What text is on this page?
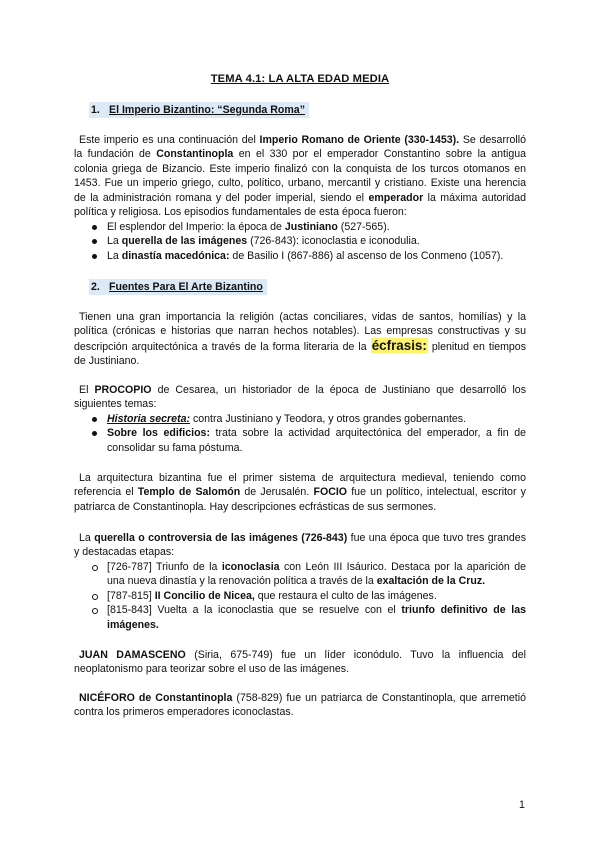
TEMA 4.1: LA ALTA EDAD MEDIA
1. El Imperio Bizantino: “Segunda Roma”
Este imperio es una continuación del Imperio Romano de Oriente (330-1453). Se desarrolló la fundación de Constantinopla en el 330 por el emperador Constantino sobre la antigua colonia griega de Bizancio. Este imperio finalizó con la conquista de los turcos otomanos en 1453. Fue un imperio griego, culto, político, urbano, mercantil y cristiano. Existe una herencia de la administración romana y del poder imperial, siendo el emperador la máxima autoridad política y religiosa. Los episodios fundamentales de esta época fueron:
El esplendor del Imperio: la época de Justiniano (527-565).
La querella de las imágenes (726-843): iconoclastia e iconodulia.
La dinastía macedónica: de Basilio I (867-886) al ascenso de los Conmeno (1057).
2. Fuentes Para El Arte Bizantino
Tienen una gran importancia la religión (actas conciliares, vidas de santos, homilías) y la política (crónicas e historias que narran hechos notables). Las empresas constructivas y su descripción arquitectónica a través de la forma literaria de la écfrasis: plenitud en tiempos de Justiniano.
El PROCOPIO de Cesarea, un historiador de la época de Justiniano que desarrolló los siguientes temas:
Historia secreta: contra Justiniano y Teodora, y otros grandes gobernantes.
Sobre los edificios: trata sobre la actividad arquitectónica del emperador, a fin de consolidar su fama póstuma.
La arquitectura bizantina fue el primer sistema de arquitectura medieval, teniendo como referencia el Templo de Salomón de Jerusalén. FOCIO fue un político, intelectual, escritor y patriarca de Constantinopla. Hay descripciones ecfrásticas de sus sermones.
La querella o controversia de las imágenes (726-843) fue una época que tuvo tres grandes y destacadas etapas:
[726-787] Triunfo de la iconoclasia con León III Isáurico. Destaca por la aparición de una nueva dinastía y la renovación política a través de la exaltación de la Cruz.
[787-815] II Concilio de Nicea, que restaura el culto de las imágenes.
[815-843] Vuelta a la iconoclastia que se resuelve con el triunfo definitivo de las imágenes.
JUAN DAMASCENO (Siria, 675-749) fue un líder iconódulo. Tuvo la influencia del neoplatonismo para teorizar sobre el uso de las imágenes.
NICÉFORO de Constantinopla (758-829) fue un patriarca de Constantinopla, que arremetió contra los primeros emperadores iconoclastas.
1
